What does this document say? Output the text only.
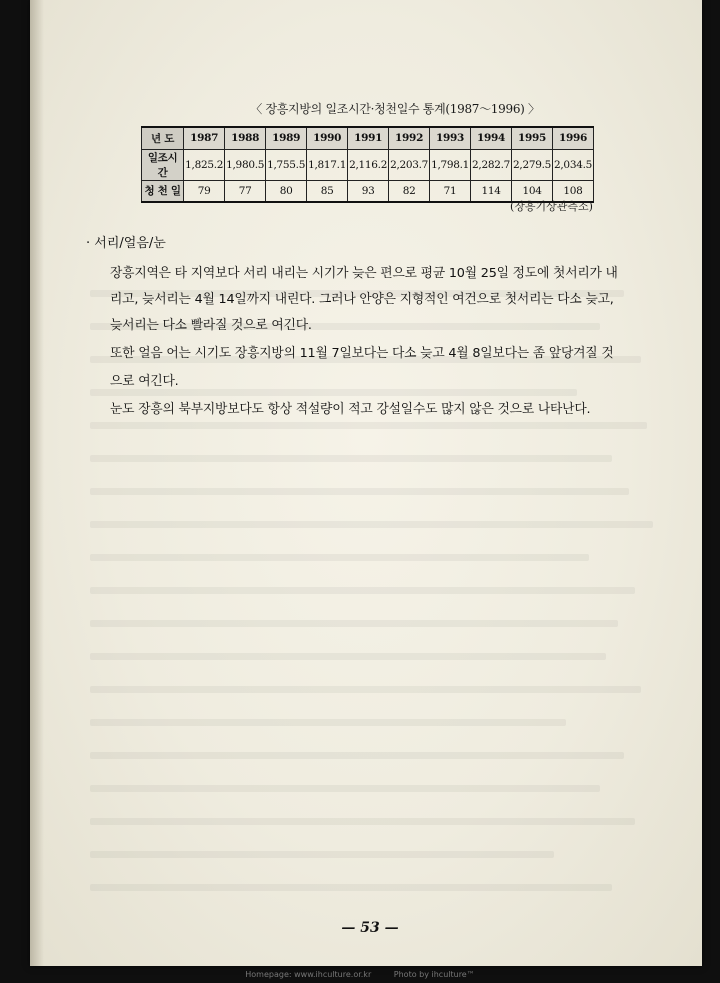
〈 장흥지방의 일조시간·청천일수 통계(1987～1996) 〉
년 도	1987	1988	1989	1990	1991	1992	1993	1994	1995	1996
일조시간	1,825.2	1,980.5	1,755.5	1,817.1	2,116.2	2,203.7	1,798.1	2,282.7	2,279.5	2,034.5
청 천 일	79	77	80	85	93	82	71	114	104	108
(장흥기상관측소)
· 서리/얼음/눈
장흥지역은 타 지역보다 서리 내리는 시기가 늦은 편으로 평균 10월 25일 정도에 첫서리가 내
리고, 늦서리는 4월 14일까지 내린다. 그러나 안양은 지형적인 여건으로 첫서리는 다소 늦고,
늦서리는 다소 빨라질 것으로 여긴다.
또한 얼음 어는 시기도 장흥지방의 11월 7일보다는 다소 늦고 4월 8일보다는 좀 앞당겨질 것
으로 여긴다.
눈도 장흥의 북부지방보다도 항상 적설량이 적고 강설일수도 많지 않은 것으로 나타난다.
— 53 —
Homepage: www.ihculture.or.kr	Photo by ihculture™
